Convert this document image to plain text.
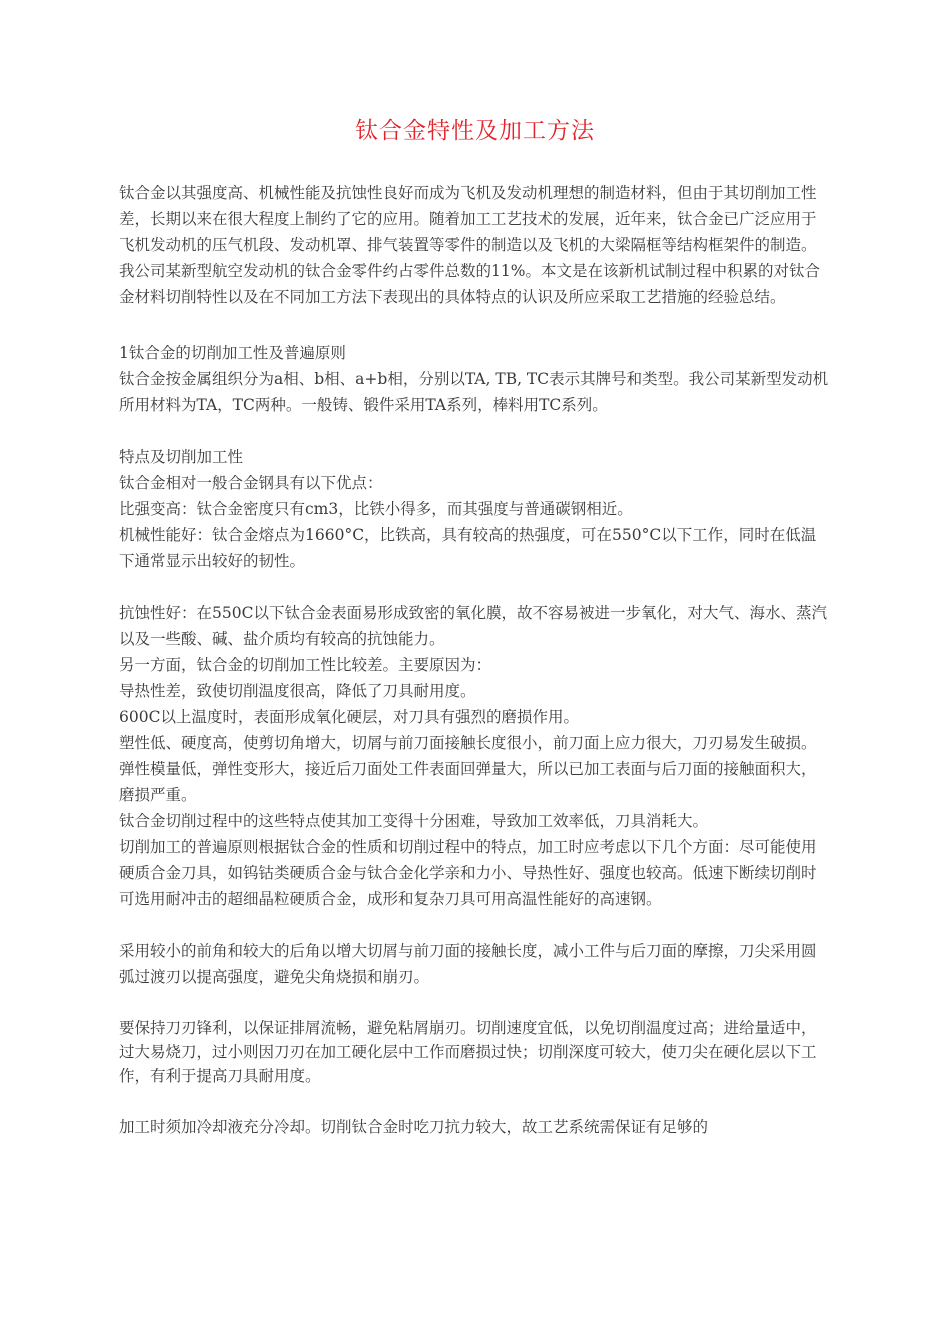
钛合金特性及加工方法

钛合金以其强度高、机械性能及抗蚀性良好而成为飞机及发动机理想的制造材料，但由于其切削加工性差，长期以来在很大程度上制约了它的应用。随着加工工艺技术的发展，近年来，钛合金已广泛应用于飞机发动机的压气机段、发动机罩、排气装置等零件的制造以及飞机的大梁隔框等结构框架件的制造。我公司某新型航空发动机的钛合金零件约占零件总数的11%。本文是在该新机试制过程中积累的对钛合金材料切削特性以及在不同加工方法下表现出的具体特点的认识及所应采取工艺措施的经验总结。

1钛合金的切削加工性及普遍原则

钛合金按金属组织分为a相、b相、a+b相，分别以TA, TB, TC表示其牌号和类型。我公司某新型发动机所用材料为TA，TC两种。一般铸、锻件采用TA系列，棒料用TC系列。

特点及切削加工性

钛合金相对一般合金钢具有以下优点：

比强变高：钛合金密度只有cm3，比铁小得多，而其强度与普通碳钢相近。

机械性能好：钛合金熔点为1660°C，比铁高，具有较高的热强度，可在550°C以下工作，同时在低温下通常显示出较好的韧性。

抗蚀性好：在550C以下钛合金表面易形成致密的氧化膜，故不容易被进一步氧化，对大气、海水、蒸汽以及一些酸、碱、盐介质均有较高的抗蚀能力。

另一方面，钛合金的切削加工性比较差。主要原因为：

导热性差，致使切削温度很高，降低了刀具耐用度。

600C以上温度时，表面形成氧化硬层，对刀具有强烈的磨损作用。

塑性低、硬度高，使剪切角增大，切屑与前刀面接触长度很小，前刀面上应力很大，刀刃易发生破损。

弹性模量低，弹性变形大，接近后刀面处工件表面回弹量大，所以已加工表面与后刀面的接触面积大，磨损严重。

钛合金切削过程中的这些特点使其加工变得十分困难，导致加工效率低，刀具消耗大。

切削加工的普遍原则根据钛合金的性质和切削过程中的特点，加工时应考虑以下几个方面：尽可能使用硬质合金刀具，如钨钴类硬质合金与钛合金化学亲和力小、导热性好、强度也较高。低速下断续切削时可选用耐冲击的超细晶粒硬质合金，成形和复杂刀具可用高温性能好的高速钢。

采用较小的前角和较大的后角以增大切屑与前刀面的接触长度，减小工件与后刀面的摩擦，刀尖采用圆弧过渡刃以提高强度，避免尖角烧损和崩刃。

要保持刀刃锋利，以保证排屑流畅，避免粘屑崩刃。切削速度宜低，以免切削温度过高；进给量适中，过大易烧刀，过小则因刀刃在加工硬化层中工作而磨损过快；切削深度可较大，使刀尖在硬化层以下工作，有利于提高刀具耐用度。

加工时须加冷却液充分冷却。切削钛合金时吃刀抗力较大，故工艺系统需保证有足够的
